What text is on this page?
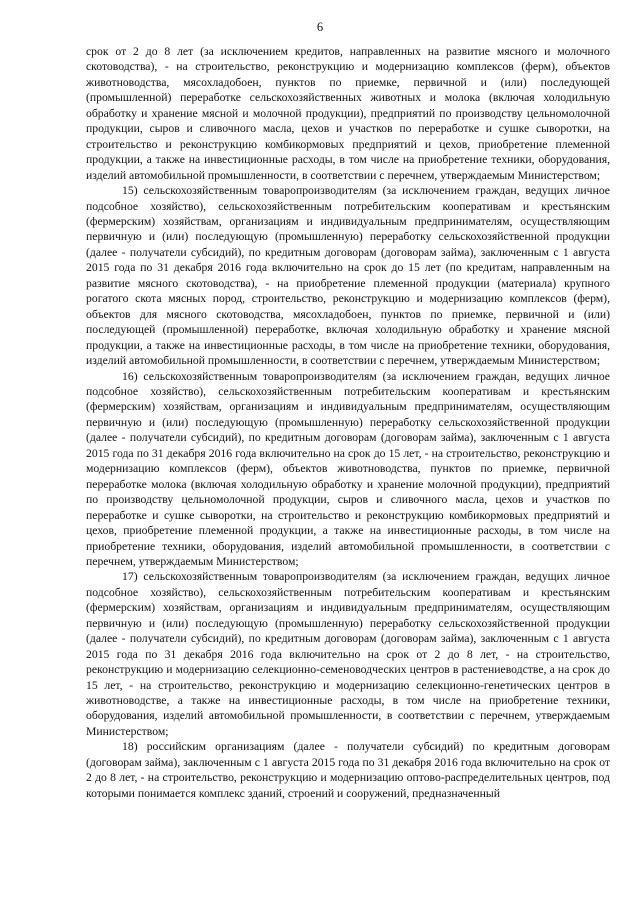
6

срок от 2 до 8 лет (за исключением кредитов, направленных на развитие мясного и молочного скотоводства), - на строительство, реконструкцию и модернизацию комплексов (ферм), объектов животноводства, мясохладобоен, пунктов по приемке, первичной и (или) последующей (промышленной) переработке сельскохозяйственных животных и молока (включая холодильную обработку и хранение мясной и молочной продукции), предприятий по производству цельномолочной продукции, сыров и сливочного масла, цехов и участков по переработке и сушке сыворотки, на строительство и реконструкцию комбикормовых предприятий и цехов, приобретение племенной продукции, а также на инвестиционные расходы, в том числе на приобретение техники, оборудования, изделий автомобильной промышленности, в соответствии с перечнем, утверждаемым Министерством;

15) сельскохозяйственным товаропроизводителям (за исключением граждан, ведущих личное подсобное хозяйство), сельскохозяйственным потребительским кооперативам и крестьянским (фермерским) хозяйствам, организациям и индивидуальным предпринимателям, осуществляющим первичную и (или) последующую (промышленную) переработку сельскохозяйственной продукции (далее - получатели субсидий), по кредитным договорам (договорам займа), заключенным с 1 августа 2015 года по 31 декабря 2016 года включительно на срок до 15 лет (по кредитам, направленным на развитие мясного скотоводства), - на приобретение племенной продукции (материала) крупного рогатого скота мясных пород, строительство, реконструкцию и модернизацию комплексов (ферм), объектов для мясного скотоводства, мясохладобоен, пунктов по приемке, первичной и (или) последующей (промышленной) переработке, включая холодильную обработку и хранение мясной продукции, а также на инвестиционные расходы, в том числе на приобретение техники, оборудования, изделий автомобильной промышленности, в соответствии с перечнем, утверждаемым Министерством;

16) сельскохозяйственным товаропроизводителям (за исключением граждан, ведущих личное подсобное хозяйство), сельскохозяйственным потребительским кооперативам и крестьянским (фермерским) хозяйствам, организациям и индивидуальным предпринимателям, осуществляющим первичную и (или) последующую (промышленную) переработку сельскохозяйственной продукции (далее - получатели субсидий), по кредитным договорам (договорам займа), заключенным с 1 августа 2015 года по 31 декабря 2016 года включительно на срок до 15 лет, - на строительство, реконструкцию и модернизацию комплексов (ферм), объектов животноводства, пунктов по приемке, первичной переработке молока (включая холодильную обработку и хранение молочной продукции), предприятий по производству цельномолочной продукции, сыров и сливочного масла, цехов и участков по переработке и сушке сыворотки, на строительство и реконструкцию комбикормовых предприятий и цехов, приобретение племенной продукции, а также на инвестиционные расходы, в том числе на приобретение техники, оборудования, изделий автомобильной промышленности, в соответствии с перечнем, утверждаемым Министерством;

17) сельскохозяйственным товаропроизводителям (за исключением граждан, ведущих личное подсобное хозяйство), сельскохозяйственным потребительским кооперативам и крестьянским (фермерским) хозяйствам, организациям и индивидуальным предпринимателям, осуществляющим первичную и (или) последующую (промышленную) переработку сельскохозяйственной продукции (далее - получатели субсидий), по кредитным договорам (договорам займа), заключенным с 1 августа 2015 года по 31 декабря 2016 года включительно на срок от 2 до 8 лет, - на строительство, реконструкцию и модернизацию селекционно-семеноводческих центров в растениеводстве, а на срок до 15 лет, - на строительство, реконструкцию и модернизацию селекционно-генетических центров в животноводстве, а также на инвестиционные расходы, в том числе на приобретение техники, оборудования, изделий автомобильной промышленности, в соответствии с перечнем, утверждаемым Министерством;

18) российским организациям (далее - получатели субсидий) по кредитным договорам (договорам займа), заключенным с 1 августа 2015 года по 31 декабря 2016 года включительно на срок от 2 до 8 лет, - на строительство, реконструкцию и модернизацию оптово-распределительных центров, под которыми понимается комплекс зданий, строений и сооружений, предназначенный
